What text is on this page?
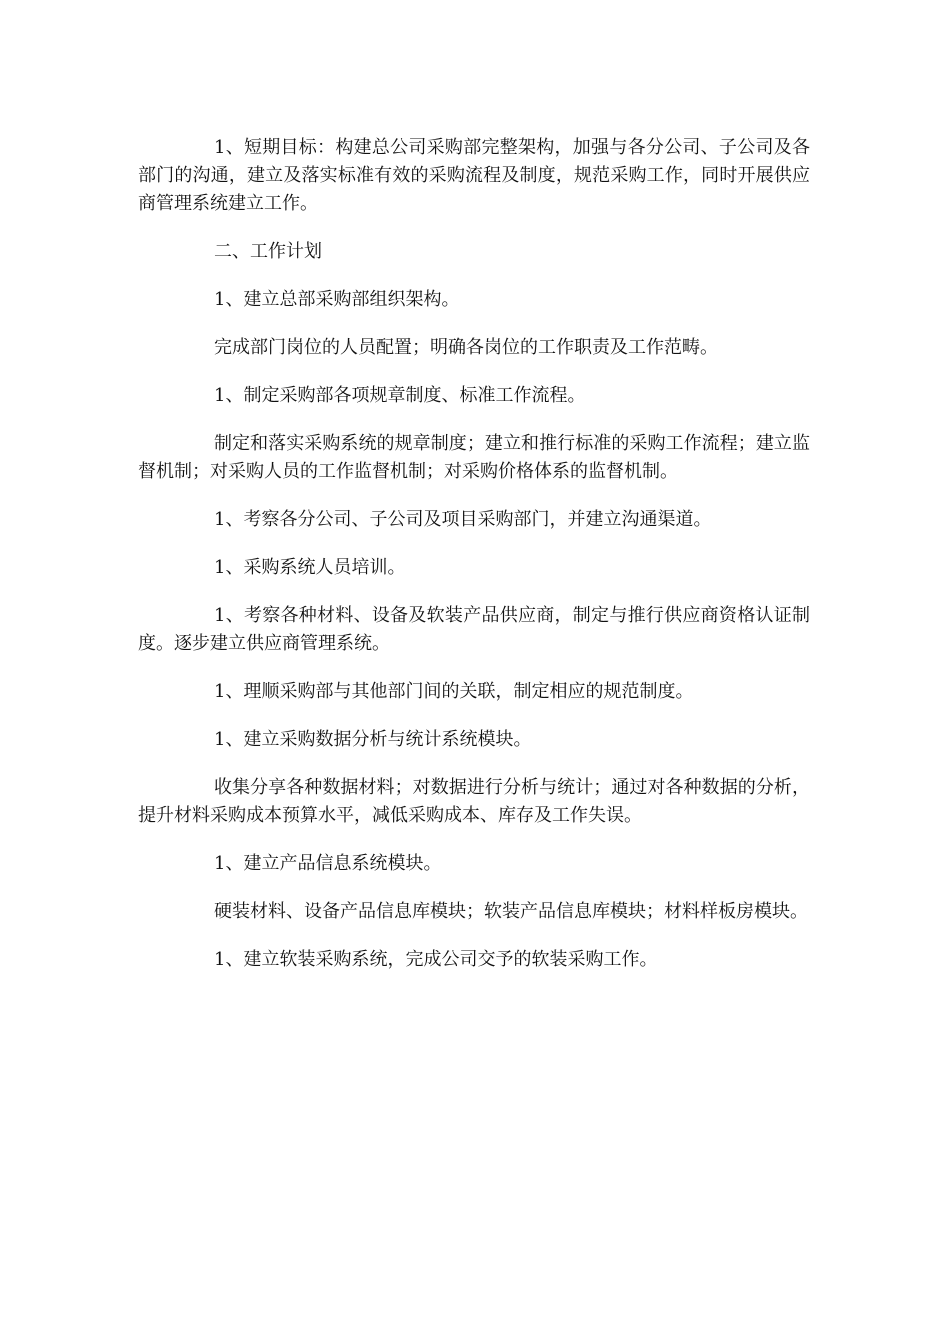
1、短期目标：构建总公司采购部完整架构，加强与各分公司、子公司及各部门的沟通，建立及落实标准有效的采购流程及制度，规范采购工作，同时开展供应商管理系统建立工作。

二、工作计划

1、建立总部采购部组织架构。

完成部门岗位的人员配置；明确各岗位的工作职责及工作范畴。

1、制定采购部各项规章制度、标准工作流程。

制定和落实采购系统的规章制度；建立和推行标准的采购工作流程；建立监督机制；对采购人员的工作监督机制；对采购价格体系的监督机制。

1、考察各分公司、子公司及项目采购部门，并建立沟通渠道。

1、采购系统人员培训。

1、考察各种材料、设备及软装产品供应商，制定与推行供应商资格认证制度。逐步建立供应商管理系统。

1、理顺采购部与其他部门间的关联，制定相应的规范制度。

1、建立采购数据分析与统计系统模块。

收集分享各种数据材料；对数据进行分析与统计；通过对各种数据的分析，提升材料采购成本预算水平，减低采购成本、库存及工作失误。

1、建立产品信息系统模块。

硬装材料、设备产品信息库模块；软装产品信息库模块；材料样板房模块。

1、建立软装采购系统，完成公司交予的软装采购工作。
